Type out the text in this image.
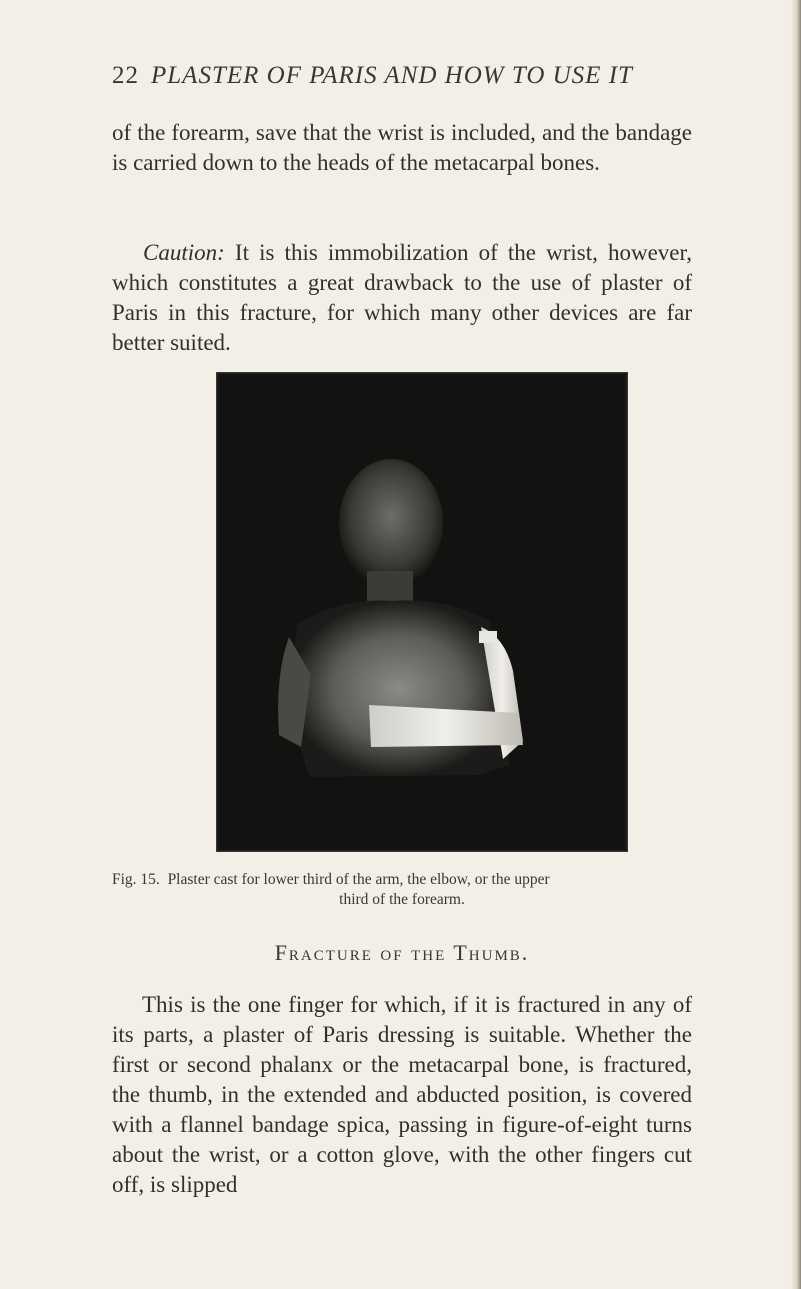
22 PLASTER OF PARIS AND HOW TO USE IT

of the forearm, save that the wrist is included, and the bandage is carried down to the heads of the metacarpal bones.

Caution: It is this immobilization of the wrist, however, which constitutes a great drawback to the use of plaster of Paris in this fracture, for which many other devices are far better suited.

Fig. 15. Plaster cast for lower third of the arm, the elbow, or the upper
third of the forearm.
Fracture of the Thumb.

This is the one finger for which, if it is fractured in any of its parts, a plaster of Paris dressing is suitable. Whether the first or second phalanx or the metacarpal bone, is fractured, the thumb, in the extended and abducted position, is covered with a flannel bandage spica, passing in figure-of-eight turns about the wrist, or a cotton glove, with the other fingers cut off, is slipped
